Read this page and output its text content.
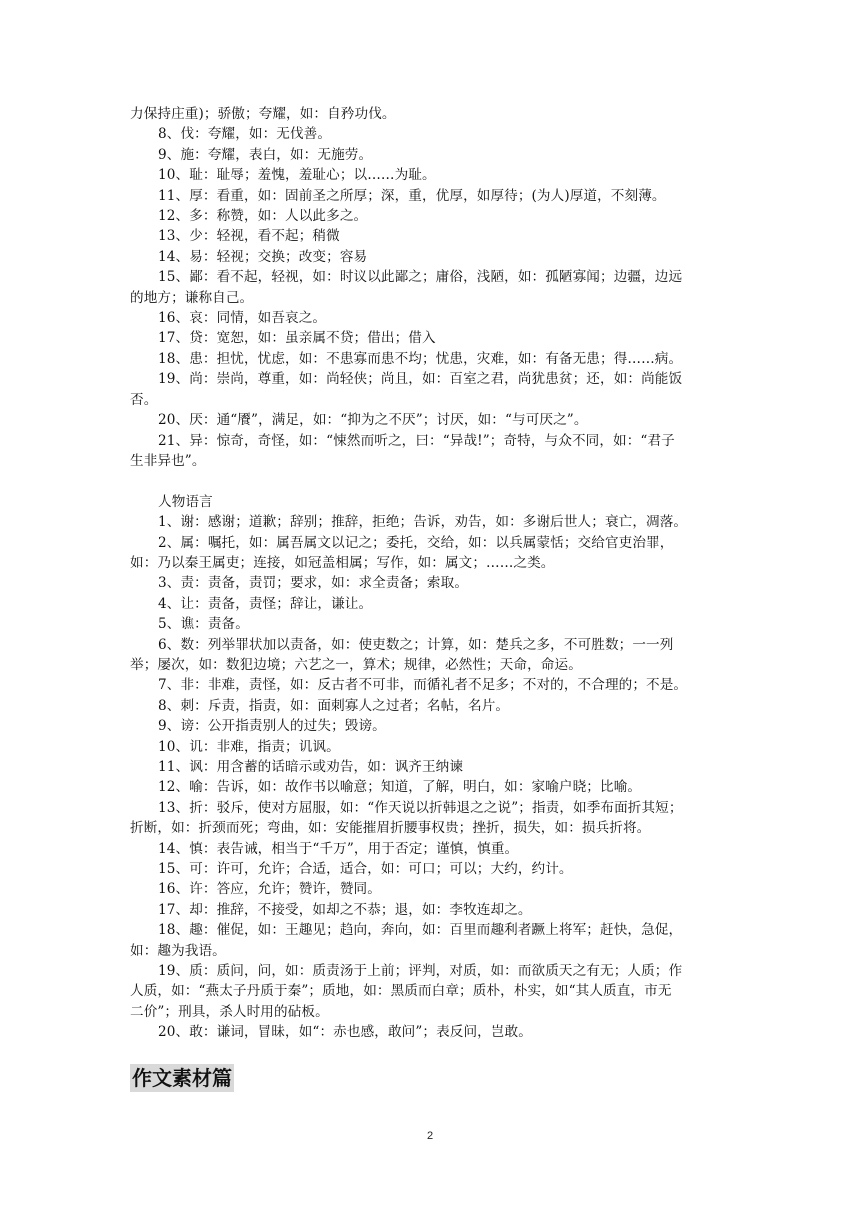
力保持庄重)；骄傲；夸耀，如：自矜功伐。
8、伐：夸耀，如：无伐善。
9、施：夸耀，表白，如：无施劳。
10、耻：耻辱；羞愧，羞耻心；以……为耻。
11、厚：看重，如：固前圣之所厚；深，重，优厚，如厚待；(为人)厚道，不刻薄。
12、多：称赞，如：人以此多之。
13、少：轻视，看不起；稍微
14、易：轻视；交换；改变；容易
15、鄙：看不起，轻视，如：时议以此鄙之；庸俗，浅陋，如：孤陋寡闻；边疆，边远
的地方；谦称自己。
16、哀：同情，如吾哀之。
17、贷：宽恕，如：虽亲属不贷；借出；借入
18、患：担忧，忧虑，如：不患寡而患不均；忧患，灾难，如：有备无患；得……病。
19、尚：崇尚，尊重，如：尚轻侠；尚且，如：百室之君，尚犹患贫；还，如：尚能饭
否。
20、厌：通“餍”，满足，如：“抑为之不厌”；讨厌，如：“与可厌之”。
21、异：惊奇，奇怪，如：“悚然而听之，曰：“异哉!”；奇特，与众不同，如：“君子
生非异也”。
人物语言
1、谢：感谢；道歉；辞别；推辞，拒绝；告诉，劝告，如：多谢后世人；衰亡，凋落。
2、属：嘱托，如：属吾属文以记之；委托，交给，如：以兵属蒙恬；交给官吏治罪，
如：乃以秦王属吏；连接，如冠盖相属；写作，如：属文；……之类。
3、责：责备，责罚；要求，如：求全责备；索取。
4、让：责备，责怪；辞让，谦让。
5、谯：责备。
6、数：列举罪状加以责备，如：使吏数之；计算，如：楚兵之多，不可胜数；一一列
举；屡次，如：数犯边境；六艺之一，算术；规律，必然性；天命，命运。
7、非：非难，责怪，如：反古者不可非，而循礼者不足多；不对的，不合理的；不是。
8、刺：斥责，指责，如：面刺寡人之过者；名帖，名片。
9、谤：公开指责别人的过失；毁谤。
10、讥：非难，指责；讥讽。
11、讽：用含蓄的话暗示或劝告，如：讽齐王纳谏
12、喻：告诉，如：故作书以喻意；知道，了解，明白，如：家喻户晓；比喻。
13、折：驳斥，使对方屈服，如：“作天说以折韩退之之说”；指责，如季布面折其短；
折断，如：折颈而死；弯曲，如：安能摧眉折腰事权贵；挫折，损失，如：损兵折将。
14、慎：表告诫，相当于“千万”，用于否定；谨慎，慎重。
15、可：许可，允许；合适，适合，如：可口；可以；大约，约计。
16、许：答应，允许；赞许，赞同。
17、却：推辞，不接受，如却之不恭；退，如：李牧连却之。
18、趣：催促，如：王趣见；趋向，奔向，如：百里而趣利者蹶上将军；赶快，急促，
如：趣为我语。
19、质：质问，问，如：质责汤于上前；评判，对质，如：而欲质天之有无；人质；作
人质，如：“燕太子丹质于秦”；质地，如：黑质而白章；质朴，朴实，如“其人质直，市无
二价”；刑具，杀人时用的砧板。
20、敢：谦词，冒昧，如“：赤也感，敢问”；表反问，岂敢。
作文素材篇
2
